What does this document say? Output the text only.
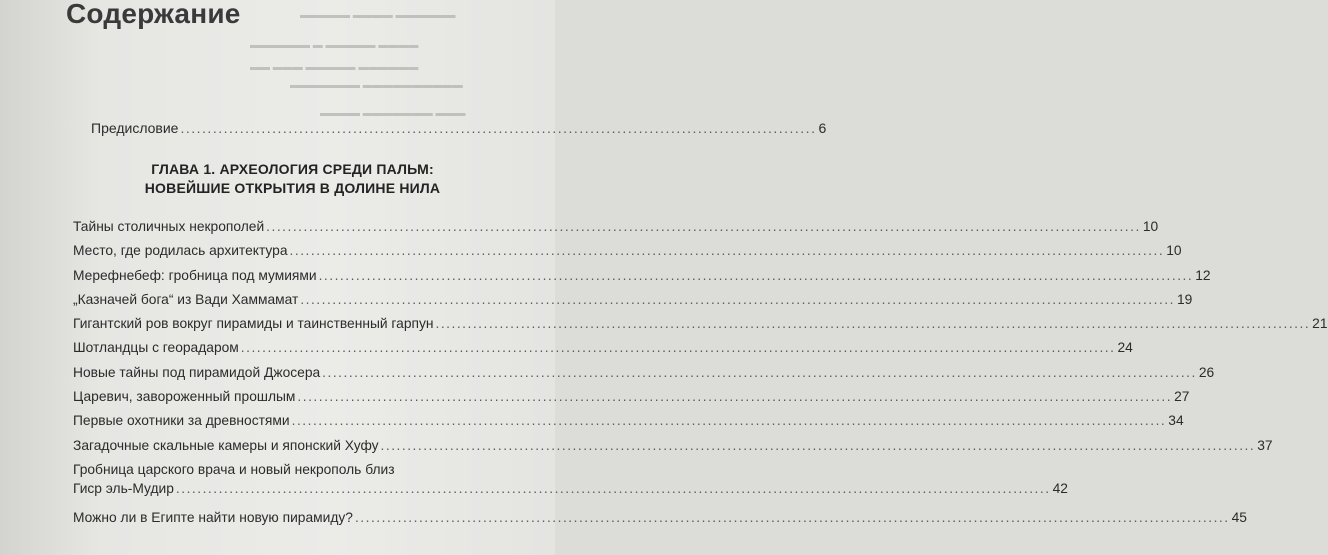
▬▬▬▬▬ ▬▬▬▬ ▬▬▬▬▬▬
▬▬▬▬▬▬ ▬ ▬▬▬▬▬ ▬▬▬▬
▬▬ ▬▬▬ ▬▬▬▬▬ ▬▬▬▬▬▬
▬▬▬▬▬▬▬ ▬▬▬▬▬▬▬▬▬▬
▬▬▬▬ ▬▬▬▬▬▬▬ ▬▬▬
Содержание
Предисловие ...................................................................................................................... 6
ГЛАВА 1. АРХЕОЛОГИЯ СРЕДИ ПАЛЬМ:
НОВЕЙШИЕ ОТКРЫТИЯ В ДОЛИНЕ НИЛА
Тайны столичных некрополей .....	10
Место, где родилась архитектура .....	10
Мерефнебеф: гробница под мумиями .....	12
„Казначей бога“ из Вади Хаммамат .....	19
Гигантский ров вокруг пирамиды и таинственный гарпун .....	21
Шотландцы с георадаром .....	24
Новые тайны под пирамидой Джосера .....	26
Царевич, завороженный прошлым .....	27
Первые охотники за древностями .....	34
Загадочные скальные камеры и японский Хуфу .....	37
Гробница царского врача и новый некрополь близ
Гиср эль-Мудир .....	42
Можно ли в Египте найти новую пирамиду? .....	45
